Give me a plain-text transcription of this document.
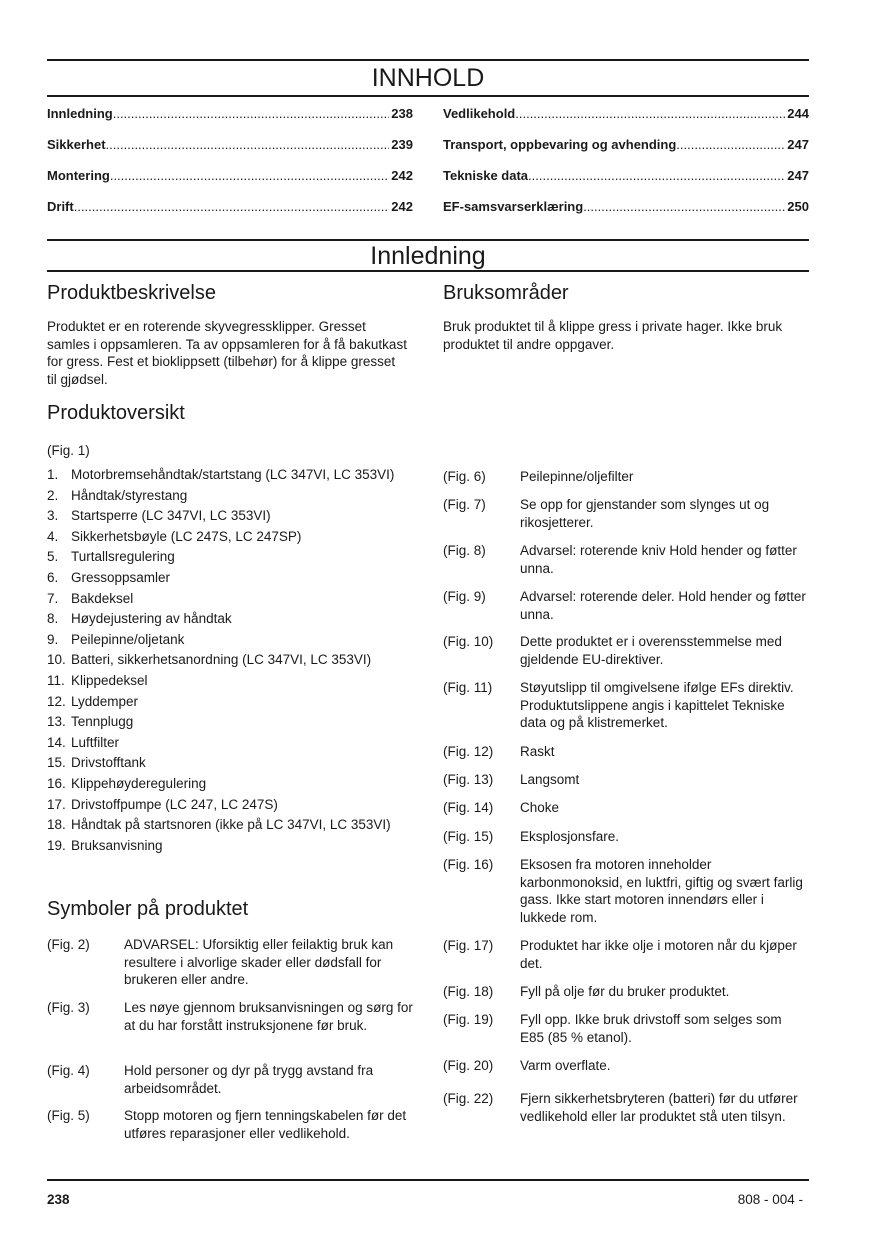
INNHOLD
Innledning .....	238
Sikkerhet .....	239
Montering .....	242
Drift .....	242
Vedlikehold .....	244
Transport, oppbevaring og avhending .....	247
Tekniske data .....	247
EF-samsvarserklæring .....	250
Innledning
Produktbeskrivelse
Produktet er en roterende skyvegressklipper. Gresset samles i oppsamleren. Ta av oppsamleren for å få bakutkast for gress. Fest et bioklippsett (tilbehør) for å klippe gresset til gjødsel.
Produktoversikt
(Fig. 1)
1. Motorbremsehåndtak/startstang (LC 347VI, LC 353VI)
2. Håndtak/styrestang
3. Startsperre (LC 347VI, LC 353VI)
4. Sikkerhetsbøyle (LC 247S, LC 247SP)
5. Turtallsregulering
6. Gressoppsamler
7. Bakdeksel
8. Høydejustering av håndtak
9. Peilepinne/oljetank
10. Batteri, sikkerhetsanordning (LC 347VI, LC 353VI)
11. Klippedeksel
12. Lyddemper
13. Tennplugg
14. Luftfilter
15. Drivstofftank
16. Klippehøyderegulering
17. Drivstoffpumpe (LC 247, LC 247S)
18. Håndtak på startsnoren (ikke på LC 347VI, LC 353VI)
19. Bruksanvisning
Symboler på produktet
(Fig. 2)	ADVARSEL: Uforsiktig eller feilaktig bruk kan resultere i alvorlige skader eller dødsfall for brukeren eller andre.
(Fig. 3)	Les nøye gjennom bruksanvisningen og sørg for at du har forstått instruksjonene før bruk.
(Fig. 4)	Hold personer og dyr på trygg avstand fra arbeidsområdet.
(Fig. 5)	Stopp motoren og fjern tenningskabelen før det utføres reparasjoner eller vedlikehold.
Bruksområder
Bruk produktet til å klippe gress i private hager. Ikke bruk produktet til andre oppgaver.
(Fig. 6)	Peilepinne/oljefilter
(Fig. 7)	Se opp for gjenstander som slynges ut og rikosjetterer.
(Fig. 8)	Advarsel: roterende kniv Hold hender og føtter unna.
(Fig. 9)	Advarsel: roterende deler. Hold hender og føtter unna.
(Fig. 10)	Dette produktet er i overensstemmelse med gjeldende EU-direktiver.
(Fig. 11)	Støyutslipp til omgivelsene ifølge EFs direktiv. Produktutslippene angis i kapittelet Tekniske data og på klistremerket.
(Fig. 12)	Raskt
(Fig. 13)	Langsomt
(Fig. 14)	Choke
(Fig. 15)	Eksplosjonsfare.
(Fig. 16)	Eksosen fra motoren inneholder karbonmonoksid, en luktfri, giftig og svært farlig gass. Ikke start motoren innendørs eller i lukkede rom.
(Fig. 17)	Produktet har ikke olje i motoren når du kjøper det.
(Fig. 18)	Fyll på olje før du bruker produktet.
(Fig. 19)	Fyll opp. Ikke bruk drivstoff som selges som E85 (85 % etanol).
(Fig. 20)	Varm overflate.
(Fig. 22)	Fjern sikkerhetsbryteren (batteri) før du utfører vedlikehold eller lar produktet stå uten tilsyn.
238	808 - 004 -
